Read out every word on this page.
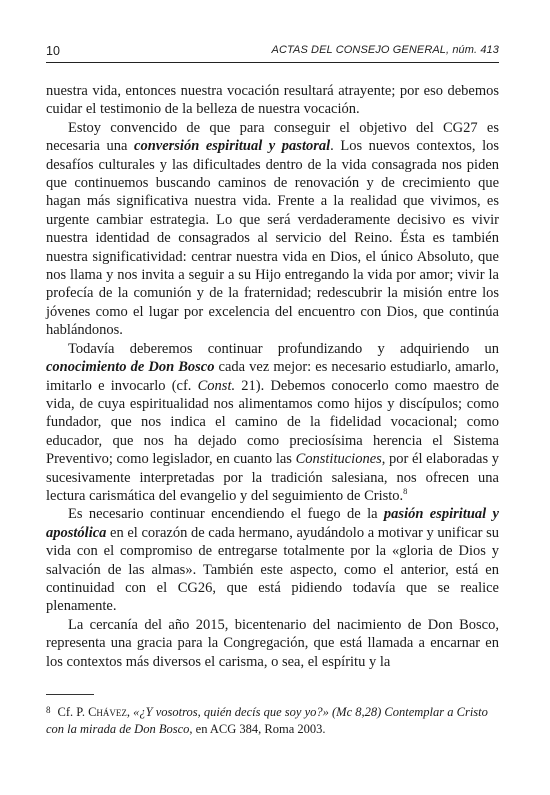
10	ACTAS DEL CONSEJO GENERAL, núm. 413

nuestra vida, entonces nuestra vocación resultará atrayente; por eso debemos cuidar el testimonio de la belleza de nuestra vocación.

Estoy convencido de que para conseguir el objetivo del CG27 es necesaria una conversión espiritual y pastoral. Los nuevos contextos, los desafíos culturales y las dificultades dentro de la vida consagrada nos piden que continuemos buscando caminos de renovación y de crecimiento que hagan más significativa nuestra vida. Frente a la realidad que vivimos, es urgente cambiar estrategia. Lo que será verdaderamente decisivo es vivir nuestra identidad de consagrados al servicio del Reino. Ésta es también nuestra significatividad: centrar nuestra vida en Dios, el único Absoluto, que nos llama y nos invita a seguir a su Hijo entregando la vida por amor; vivir la profecía de la comunión y de la fraternidad; redescubrir la misión entre los jóvenes como el lugar por excelencia del encuentro con Dios, que continúa hablándonos.

Todavía deberemos continuar profundizando y adquiriendo un conocimiento de Don Bosco cada vez mejor: es necesario estudiarlo, amarlo, imitarlo e invocarlo (cf. Const. 21). Debemos conocerlo como maestro de vida, de cuya espiritualidad nos alimentamos como hijos y discípulos; como fundador, que nos indica el camino de la fidelidad vocacional; como educador, que nos ha dejado como preciosísima herencia el Sistema Preventivo; como legislador, en cuanto las Constituciones, por él elaboradas y sucesivamente interpretadas por la tradición salesiana, nos ofrecen una lectura carismática del evangelio y del seguimiento de Cristo.$^8$

Es necesario continuar encendiendo el fuego de la pasión espiritual y apostólica en el corazón de cada hermano, ayudándolo a motivar y unificar su vida con el compromiso de entregarse totalmente por la «gloria de Dios y salvación de las almas». También este aspecto, como el anterior, está en continuidad con el CG26, que está pidiendo todavía que se realice plenamente.

La cercanía del año 2015, bicentenario del nacimiento de Don Bosco, representa una gracia para la Congregación, que está llamada a encarnar en los contextos más diversos el carisma, o sea, el espíritu y la

$^8$ Cf. P. Chávez, «¿Y vosotros, quién decís que soy yo?» (Mc 8,28) Contemplar a Cristo con la mirada de Don Bosco, en ACG 384, Roma 2003.
